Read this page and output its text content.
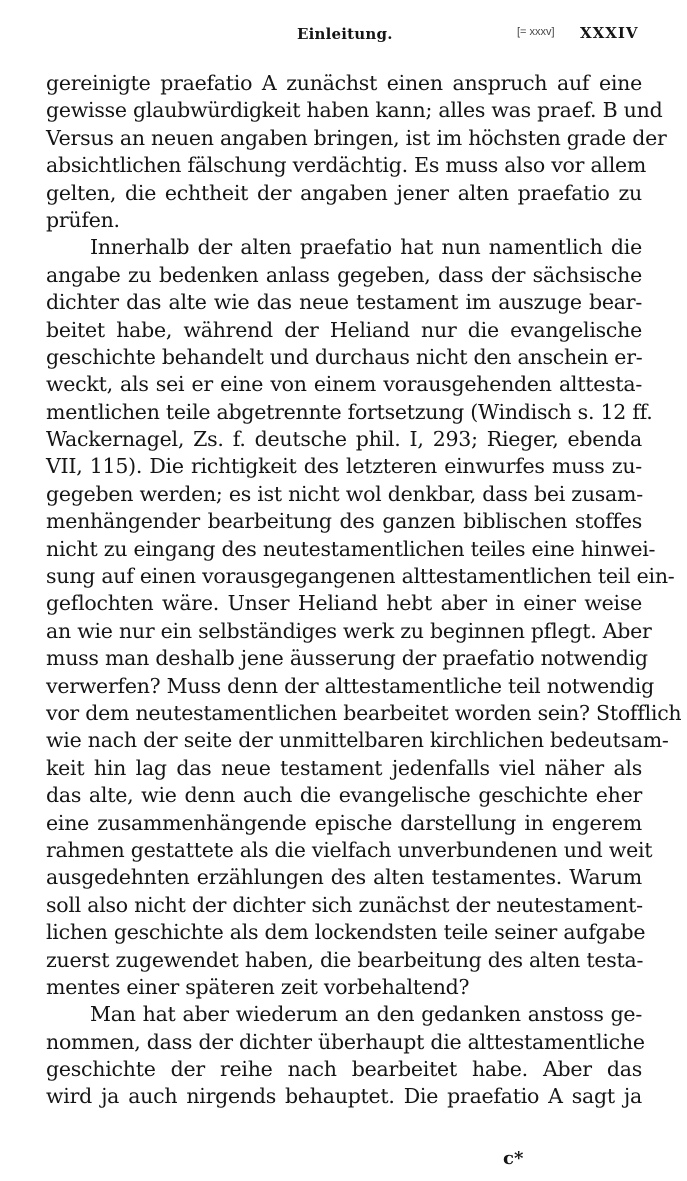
Einleitung.	[= xxxv] XXXIV
gereinigte praefatio A zunächst einen anspruch auf eine
gewisse glaubwürdigkeit haben kann; alles was praef. B und
Versus an neuen angaben bringen, ist im höchsten grade der
absichtlichen fälschung verdächtig. Es muss also vor allem
gelten, die echtheit der angaben jener alten praefatio zu
prüfen.
Innerhalb der alten praefatio hat nun namentlich die
angabe zu bedenken anlass gegeben, dass der sächsische
dichter das alte wie das neue testament im auszuge bear-
beitet habe, während der Heliand nur die evangelische
geschichte behandelt und durchaus nicht den anschein er-
weckt, als sei er eine von einem vorausgehenden alttesta-
mentlichen teile abgetrennte fortsetzung (Windisch s. 12 ff.
Wackernagel, Zs. f. deutsche phil. I, 293; Rieger, ebenda
VII, 115). Die richtigkeit des letzteren einwurfes muss zu-
gegeben werden; es ist nicht wol denkbar, dass bei zusam-
menhängender bearbeitung des ganzen biblischen stoffes
nicht zu eingang des neutestamentlichen teiles eine hinwei-
sung auf einen vorausgegangenen alttestamentlichen teil ein-
geflochten wäre. Unser Heliand hebt aber in einer weise
an wie nur ein selbständiges werk zu beginnen pflegt. Aber
muss man deshalb jene äusserung der praefatio notwendig
verwerfen? Muss denn der alttestamentliche teil notwendig
vor dem neutestamentlichen bearbeitet worden sein? Stofflich
wie nach der seite der unmittelbaren kirchlichen bedeutsam-
keit hin lag das neue testament jedenfalls viel näher als
das alte, wie denn auch die evangelische geschichte eher
eine zusammenhängende epische darstellung in engerem
rahmen gestattete als die vielfach unverbundenen und weit
ausgedehnten erzählungen des alten testamentes. Warum
soll also nicht der dichter sich zunächst der neutestament-
lichen geschichte als dem lockendsten teile seiner aufgabe
zuerst zugewendet haben, die bearbeitung des alten testa-
mentes einer späteren zeit vorbehaltend?
Man hat aber wiederum an den gedanken anstoss ge-
nommen, dass der dichter überhaupt die alttestamentliche
geschichte der reihe nach bearbeitet habe. Aber das
wird ja auch nirgends behauptet. Die praefatio A sagt ja
c*
